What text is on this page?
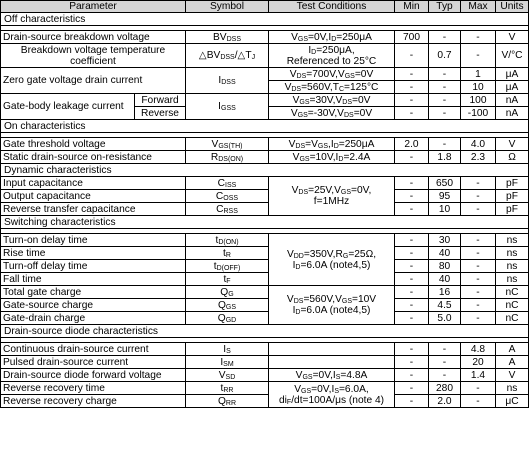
Parameter		Symbol	Test Conditions	Min	Typ	Max	Units
Off characteristics							

Drain-source breakdown voltage		$BV_{DSS}$	$V_{GS}=0V,I_D=250\mu A$	700	-	-	V
Breakdown voltage temperature coefficient		$\triangle BV_{DSS}/\triangle T_J$	$I_D=250\mu A$,
Referenced to 25°C	-	0.7	-	V/°C
Zero gate voltage drain current		$I_{DSS}$	$V_{DS}=700V,V_{GS}=0V$	-	-	1	μA
			$V_{DS}=560V,T_C=125^\circ C$	-	-	10	μA
Gate-body leakage current	Forward	$I_{GSS}$	$V_{GS}=30V,V_{DS}=0V$	-	-	100	nA
	Reverse		$V_{GS}=-30V,V_{DS}=0V$	-	-	-100	nA
On characteristics							

Gate threshold voltage		$V_{GS(TH)}$	$V_{DS}=V_{GS},I_D=250\mu A$	2.0	-	4.0	V
Static drain-source on-resistance		$R_{DS(ON)}$	$V_{GS}=10V,I_D=2.4A$	-	1.8	2.3	Ω
Dynamic characteristics							
Input capacitance		$C_{ISS}$	$V_{DS}=25V,V_{GS}=0V$,
f=1MHz	-	650	-	pF
Output capacitance		$C_{OSS}$		-	95	-	pF
Reverse transfer capacitance		$C_{RSS}$		-	10	-	pF
Switching characteristics							

Turn-on delay time		$t_{D(ON)}$	$V_{DD}=350V,R_G=25\Omega$,
$I_D=6.0A$ (note4,5)	-	30	-	ns
Rise time		$t_R$		-	40	-	ns
Turn-off delay time		$t_{D(OFF)}$		-	80	-	ns
Fall time		$t_F$		-	40	-	ns
Total gate charge		$Q_G$	$V_{DS}=560V,V_{GS}=10V$
$I_D=6.0A$ (note4,5)	-	16	-	nC
Gate-source charge		$Q_{GS}$		-	4.5	-	nC
Gate-drain charge		$Q_{GD}$		-	5.0	-	nC
Drain-source diode characteristics							

Continuous drain-source current		$I_S$		-	-	4.8	A
Pulsed drain-source current		$I_{SM}$		-	-	20	A
Drain-source diode forward voltage		$V_{SD}$	$V_{GS}=0V,I_S=4.8A$	-	-	1.4	V
Reverse recovery time		$t_{RR}$	$V_{GS}=0V,I_S=6.0A$,
$di_F/dt=100A/\mu s$ (note 4)	-	280	-	ns
Reverse recovery charge		$Q_{RR}$		-	2.0	-	μC
